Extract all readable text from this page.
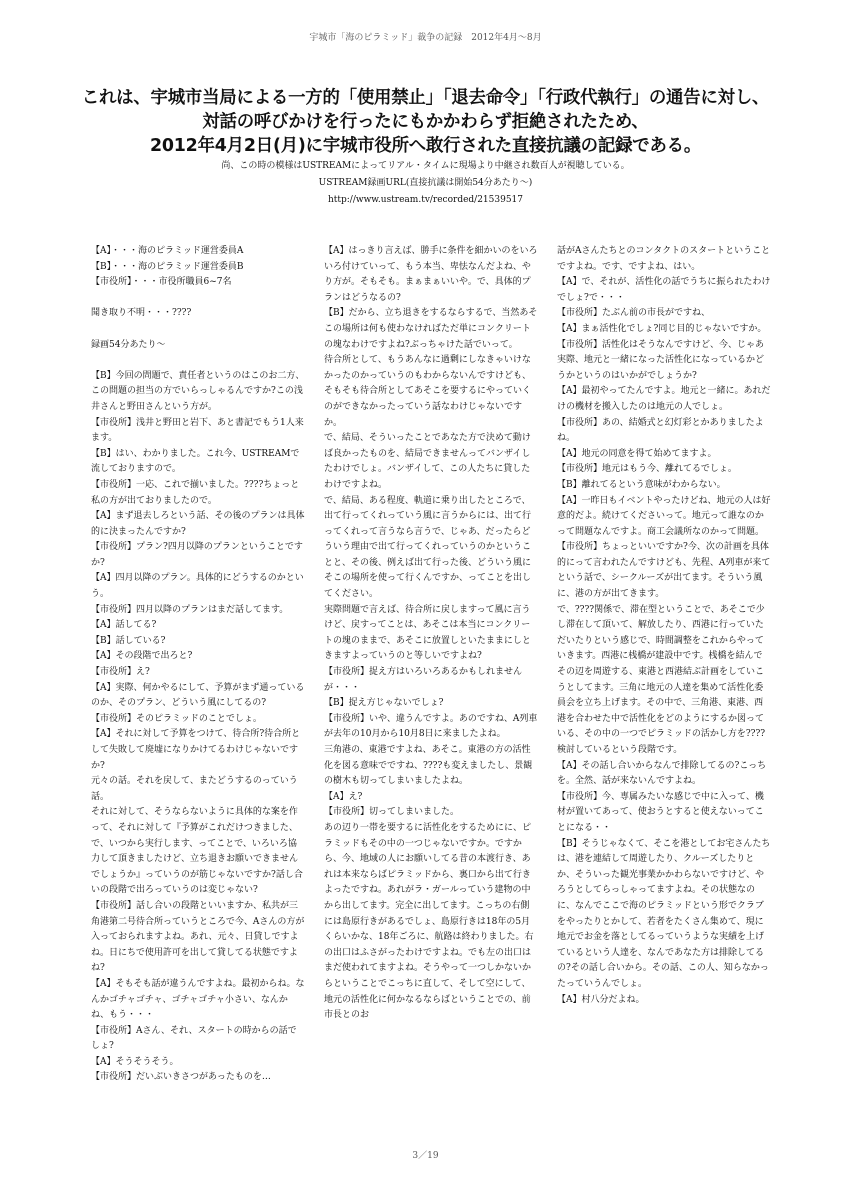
宇城市「海のピラミッド」裁争の記録　2012年4月～8月
これは、宇城市当局による一方的「使用禁止」「退去命令」「行政代執行」の通告に対し、
対話の呼びかけを行ったにもかかわらず拒絶されたため、
2012年4月2日(月)に宇城市役所へ敢行された直接抗議の記録である。
尚、この時の模様はUSTREAMによってリアル・タイムに現場より中継され数百人が視聴している。
USTREAM録画URL(直接抗議は開始54分あたり～)
http://www.ustream.tv/recorded/21539517

【A】・・・海のピラミッド運営委員A

【B】・・・海のピラミッド運営委員B

【市役所】・・・市役所職員6~7名

聞き取り不明・・・????

録画54分あたり～

【B】今回の問題で、責任者というのはこのお二方、この問題の担当の方でいらっしゃるんですか?この浅井さんと野田さんという方が。

【市役所】浅井と野田と岩下、あと書記でもう1人来ます。

【B】はい、わかりました。これ今、USTREAMで流しておりますので。

【市役所】一応、これで揃いました。????ちょっと私の方が出ておりましたので。

【A】まず退去しろという話、その後のプランは具体的に決まったんですか?

【市役所】プラン?四月以降のプランということですか?

【A】四月以降のプラン。具体的にどうするのかという。

【市役所】四月以降のプランはまだ話してます。

【A】話してる?

【B】話している?

【A】その段階で出ろと?

【市役所】え?

【A】実際、何かやるにして、予算がまず通っているのか、そのプラン、どういう風にしてるの?

【市役所】そのピラミッドのことでしょ。

【A】それに対して予算をつけて、待合所?待合所として失敗して廃墟になりかけてるわけじゃないですか?

元々の話。それを戻して、またどうするのっていう話。

それに対して、そうならないように具体的な案を作って、それに対して『予算がこれだけつきました、で、いつから実行します、ってことで、いろいろ協力して頂きましたけど、立ち退きお願いできませんでしょうか』っていうのが筋じゃないですか?話し合いの段階で出ろっていうのは変じゃない?

【市役所】話し合いの段階といいますか、私共が三角港第二号待合所っていうところで今、Aさんの方が入っておられますよね。あれ、元々、日貸しですよね。日にちで使用許可を出して貸してる状態ですよね?

【A】そもそも話が違うんですよね。最初からね。なんかゴチャゴチャ、ゴチャゴチャ小さい、なんかね、もう・・・

【市役所】Aさん、それ、スタートの時からの話でしょ?

【A】そうそうそう。

【市役所】だいぶいきさつがあったものを…

【A】はっきり言えば、勝手に条件を細かいのをいろいろ付けていって、もう本当、卑怯なんだよね、やり方が。そもそも。まぁまぁいいや。で、具体的プランはどうなるの?

【B】だから、立ち退きをするならするで、当然あそこの場所は何も使わなければただ単にコンクリートの塊なわけですよね?ぶっちゃけた話でいって。

待合所として、もうあんなに過剰にしなきゃいけなかったのかっていうのもわからないんですけども、そもそも待合所としてあそこを要するにやっていくのができなかったっていう話なわけじゃないですか。

で、結局、そういったことであなた方で決めて動けば良かったものを、結局できませんってバンザイしたわけでしょ。バンザイして、この人たちに貸したわけですよね。

で、結局、ある程度、軌道に乗り出したところで、出て行ってくれっていう風に言うからには、出て行ってくれって言うなら言うで、じゃあ、だったらどういう理由で出て行ってくれっていうのかということと、その後、例えば出て行った後、どういう風にそこの場所を使って行くんですか、ってことを出してください。

実際問題で言えば、待合所に戻しますって風に言うけど、戻すってことは、あそこは本当にコンクリートの塊のままで、あそこに放置しといたままにしときますよっていうのと等しいですよね?

【市役所】捉え方はいろいろあるかもしれませんが・・・

【B】捉え方じゃないでしょ?

【市役所】いや、違うんですよ。あのですね、A列車が去年の10月から10月8日に来ましたよね。

三角港の、東港ですよね、あそこ。東港の方の活性化を図る意味でですね、????も変えましたし、景観の樹木も切ってしまいましたよね。

【A】え?

【市役所】切ってしまいました。

あの辺り一帯を要するに活性化をするためにに、ピラミッドもその中の一つじゃないですか。ですから、今、地域の人にお願いしてる昔の本渡行き、あれは本来ならばピラミッドから、裏口から出て行きよったですね。あれがラ・ガールっていう建物の中から出してます。完全に出してます。こっちの右側には島原行きがあるでしょ、島原行きは18年の5月くらいかな、18年ごろに、航路は終わりました。右の出口はふさがったわけですよね。でも左の出口はまだ使われてますよね。そうやって一つしかないからということでこっちに直して、そして空にして、地元の活性化に何かなるならばということでの、前市長とのお

話がAさんたちとのコンタクトのスタートということですよね。です、ですよね、はい。

【A】で、それが、活性化の話でうちに振られたわけでしょ?で・・・

【市役所】たぶん前の市長がですね、

【A】まぁ活性化でしょ?同じ目的じゃないですか。

【市役所】活性化はそうなんですけど、今、じゃあ実際、地元と一緒になった活性化になっているかどうかというのはいかがでしょうか?

【A】最初やってたんですよ。地元と一緒に。あれだけの機材を搬入したのは地元の人でしょ。

【市役所】あの、結婚式と幻灯彩とかありましたよね。

【A】地元の同意を得て始めてますよ。

【市役所】地元はもう今、離れてるでしょ。

【B】離れてるという意味がわからない。

【A】一昨日もイベントやったけどね、地元の人は好意的だよ。続けてくださいって。地元って誰なのかって問題なんですよ。商工会議所なのかって問題。

【市役所】ちょっといいですか?今、次の計画を具体的にって言われたんですけども、先程、A列車が来てという話で、シークルーズが出てます。そういう風に、港の方が出てきます。

で、????関係で、滞在型ということで、あそこで少し滞在して頂いて、解放したり、西港に行っていただいたりという感じで、時間調整をこれからやっていきます。西港に桟橋が建設中です。桟橋を結んでその辺を周遊する、東港と西港結ぶ計画をしていこうとしてます。三角に地元の人達を集めて活性化委員会を立ち上げます。その中で、三角港、東港、西港を合わせた中で活性化をどのようにするか図っている、その中の一つでピラミッドの活かし方を????検討しているという段階です。

【A】その話し合いからなんで排除してるの?こっちを。全然、話が来ないんですよね。

【市役所】今、専属みたいな感じで中に入って、機材が置いてあって、使おうとすると使えないってことになる・・

【B】そうじゃなくて、そこを港としてお宅さんたちは、港を連結して周遊したり、クルーズしたりとか、そういった観光事業かかわらないですけど、やろうとしてらっしゃってますよね。その状態なのに、なんでここで海のピラミッドという形でクラブをやったりとかして、若者をたくさん集めて、現に地元でお金を落としてるっていうような実績を上げているという人達を、なんであなた方は排除してるの?その話し合いから。その話、この人、知らなかったっていうんでしょ。

【A】村八分だよね。

3／19
